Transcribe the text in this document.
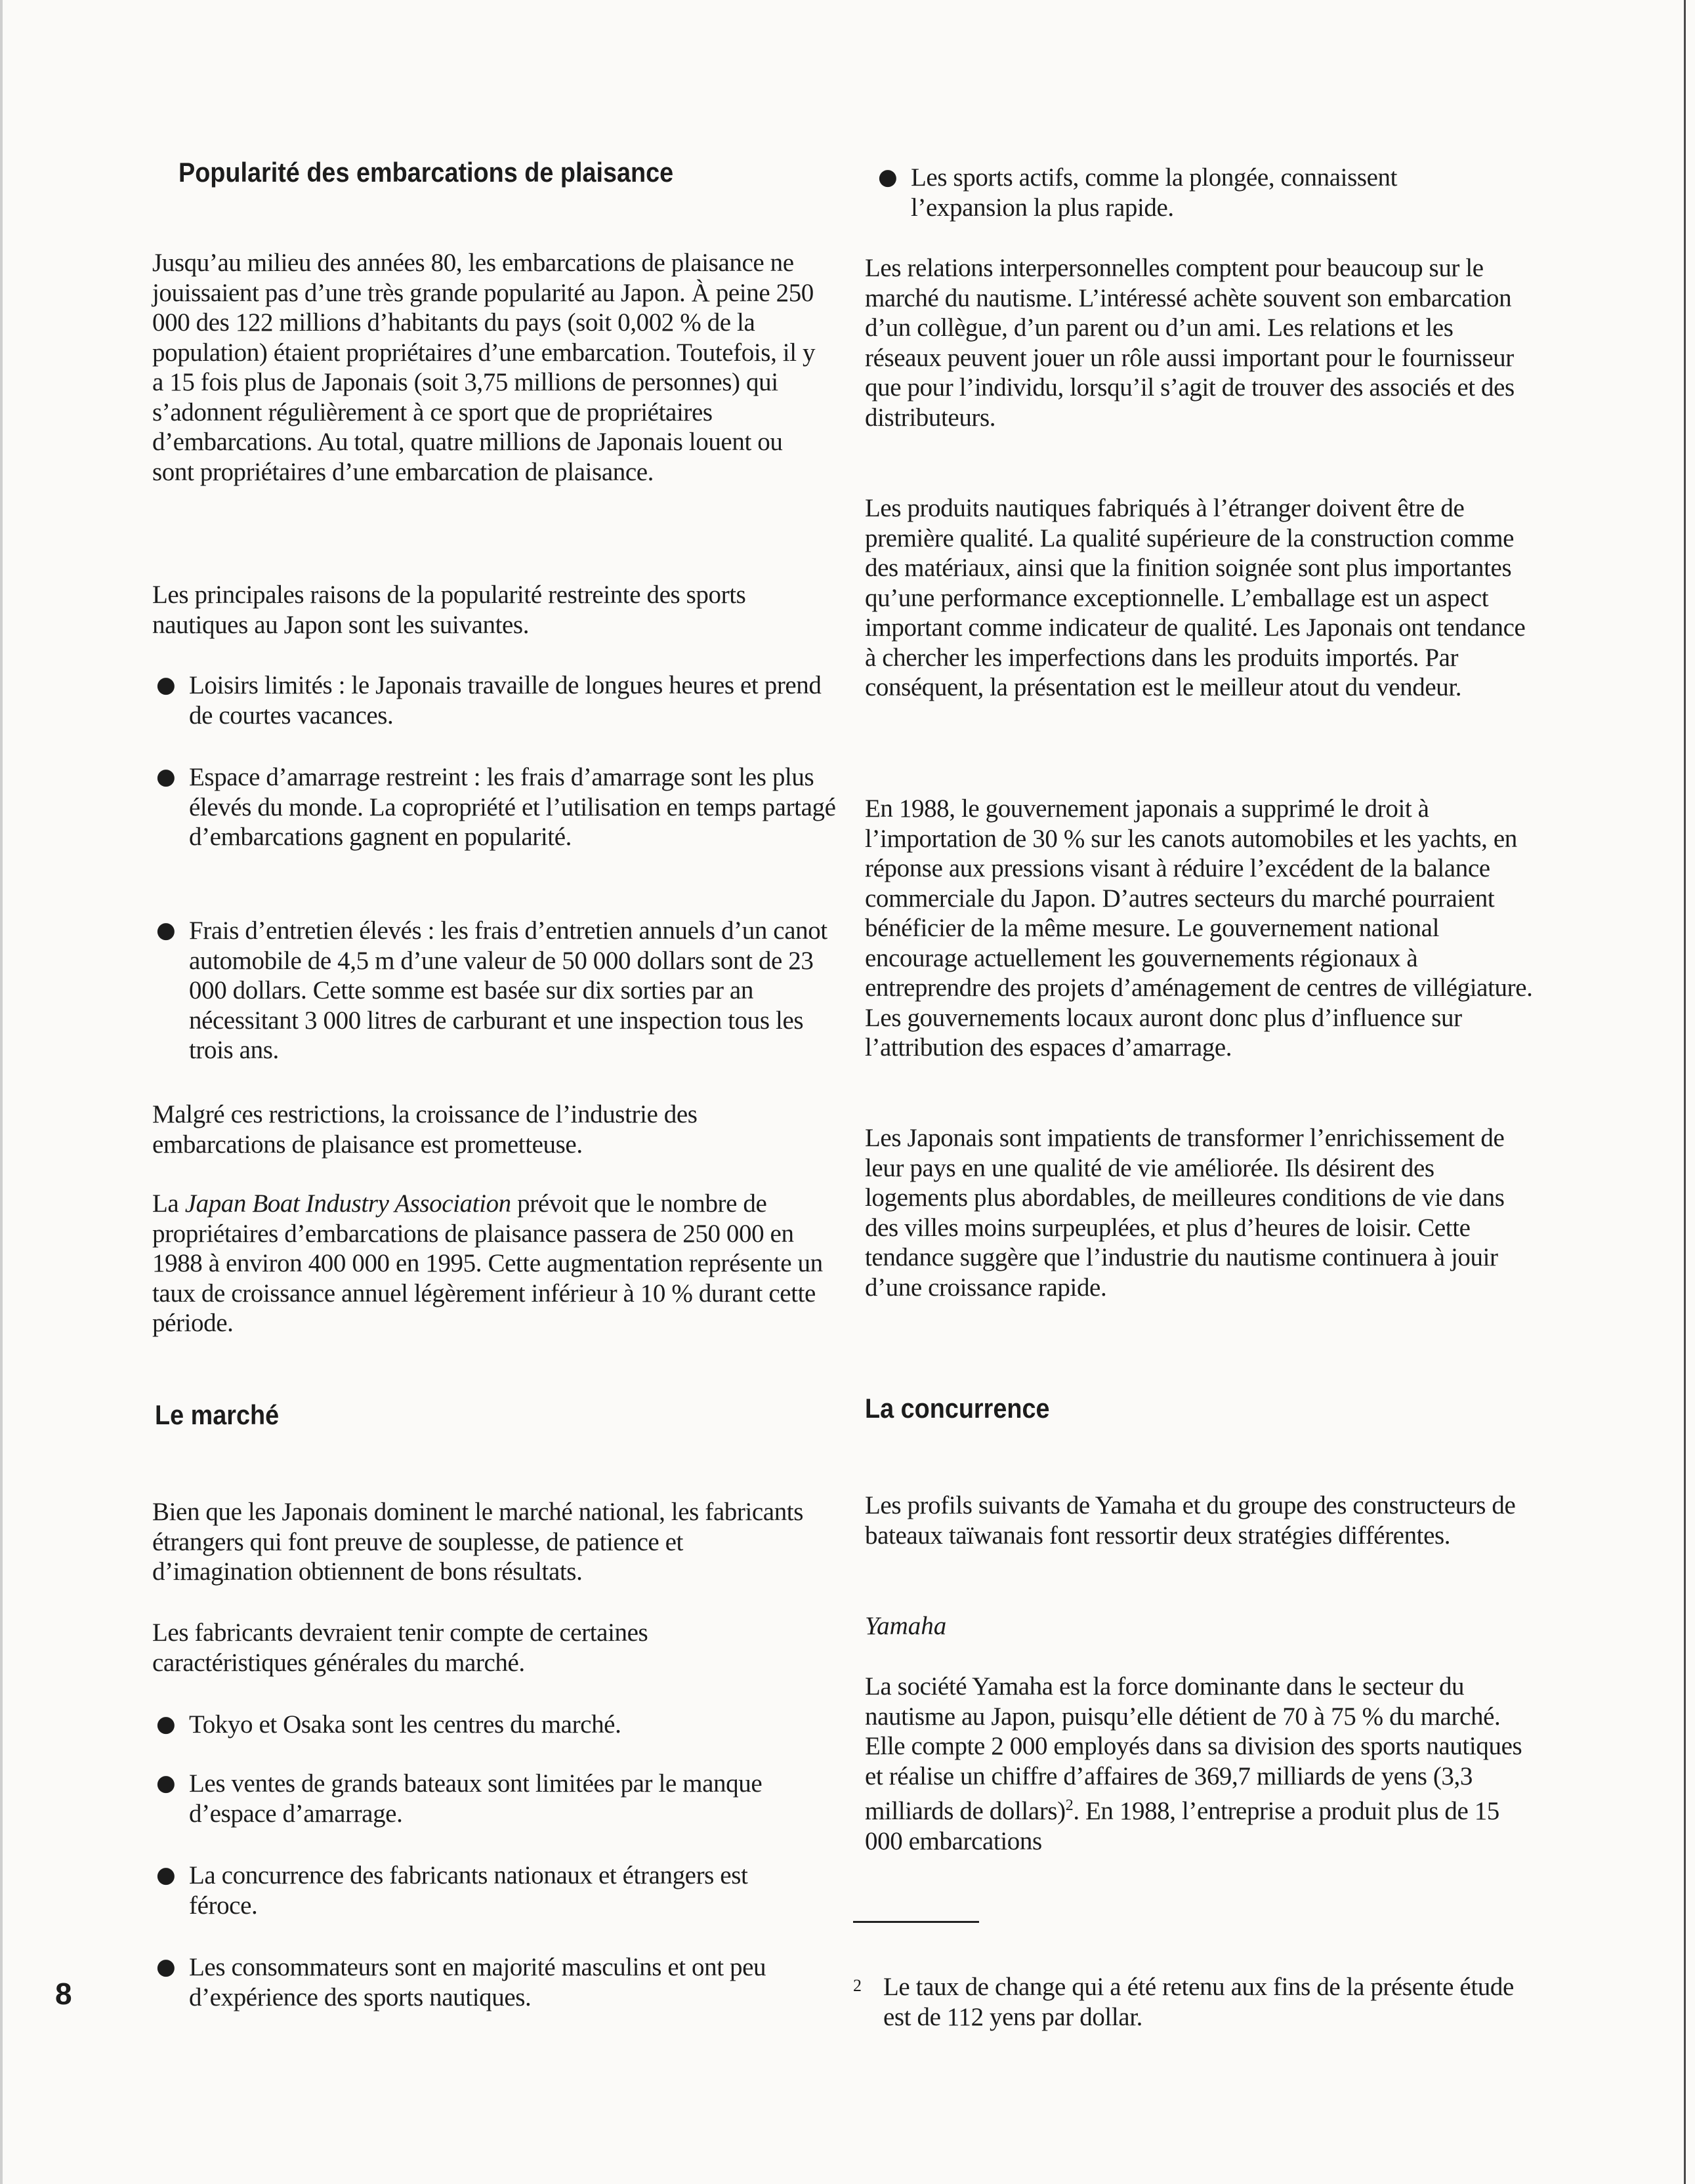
Popularité des embarcations de plaisance

Jusqu’au milieu des années 80, les embarcations de plaisance ne jouissaient pas d’une très grande popularité au Japon. À peine 250 000 des 122 millions d’habitants du pays (soit 0,002 % de la population) étaient propriétaires d’une embarcation. Toutefois, il y a 15 fois plus de Japonais (soit 3,75 millions de personnes) qui s’adonnent régulièrement à ce sport que de propriétaires d’embarcations. Au total, quatre millions de Japonais louent ou sont propriétaires d’une embarcation de plaisance.

Les principales raisons de la popularité restreinte des sports nautiques au Japon sont les suivantes.

● Loisirs limités : le Japonais travaille de longues heures et prend de courtes vacances.
● Espace d’amarrage restreint : les frais d’amarrage sont les plus élevés du monde. La copropriété et l’utilisation en temps partagé d’embarcations gagnent en popularité.
● Frais d’entretien élevés : les frais d’entretien annuels d’un canot automobile de 4,5 m d’une valeur de 50 000 dollars sont de 23 000 dollars. Cette somme est basée sur dix sorties par an nécessitant 3 000 litres de carburant et une inspection tous les trois ans.

Malgré ces restrictions, la croissance de l’industrie des embarcations de plaisance est prometteuse.

La Japan Boat Industry Association prévoit que le nombre de propriétaires d’embarcations de plaisance passera de 250 000 en 1988 à environ 400 000 en 1995. Cette augmentation représente un taux de croissance annuel légèrement inférieur à 10 % durant cette période.

Le marché

Bien que les Japonais dominent le marché national, les fabricants étrangers qui font preuve de souplesse, de patience et d’imagination obtiennent de bons résultats.

Les fabricants devraient tenir compte de certaines caractéristiques générales du marché.

● Tokyo et Osaka sont les centres du marché.
● Les ventes de grands bateaux sont limitées par le manque d’espace d’amarrage.
● La concurrence des fabricants nationaux et étrangers est féroce.
● Les consommateurs sont en majorité masculins et ont peu d’expérience des sports nautiques.
● Les sports actifs, comme la plongée, connaissent l’expansion la plus rapide.

Les relations interpersonnelles comptent pour beaucoup sur le marché du nautisme. L’intéressé achète souvent son embarcation d’un collègue, d’un parent ou d’un ami. Les relations et les réseaux peuvent jouer un rôle aussi important pour le fournisseur que pour l’individu, lorsqu’il s’agit de trouver des associés et des distributeurs.

Les produits nautiques fabriqués à l’étranger doivent être de première qualité. La qualité supérieure de la construction comme des matériaux, ainsi que la finition soignée sont plus importantes qu’une performance exceptionnelle. L’emballage est un aspect important comme indicateur de qualité. Les Japonais ont tendance à chercher les imperfections dans les produits importés. Par conséquent, la présentation est le meilleur atout du vendeur.

En 1988, le gouvernement japonais a supprimé le droit à l’importation de 30 % sur les canots automobiles et les yachts, en réponse aux pressions visant à réduire l’excédent de la balance commerciale du Japon. D’autres secteurs du marché pourraient bénéficier de la même mesure. Le gouvernement national encourage actuellement les gouvernements régionaux à entreprendre des projets d’aménagement de centres de villégiature. Les gouvernements locaux auront donc plus d’influence sur l’attribution des espaces d’amarrage.

Les Japonais sont impatients de transformer l’enrichissement de leur pays en une qualité de vie améliorée. Ils désirent des logements plus abordables, de meilleures conditions de vie dans des villes moins surpeuplées, et plus d’heures de loisir. Cette tendance suggère que l’industrie du nautisme continuera à jouir d’une croissance rapide.

La concurrence

Les profils suivants de Yamaha et du groupe des constructeurs de bateaux taïwanais font ressortir deux stratégies différentes.

Yamaha

La société Yamaha est la force dominante dans le secteur du nautisme au Japon, puisqu’elle détient de 70 à 75 % du marché. Elle compte 2 000 employés dans sa division des sports nautiques et réalise un chiffre d’affaires de 369,7 milliards de yens (3,3 milliards de dollars)$^2$. En 1988, l’entreprise a produit plus de 15 000 embarcations

2 Le taux de change qui a été retenu aux fins de la présente étude est de 112 yens par dollar.

8
